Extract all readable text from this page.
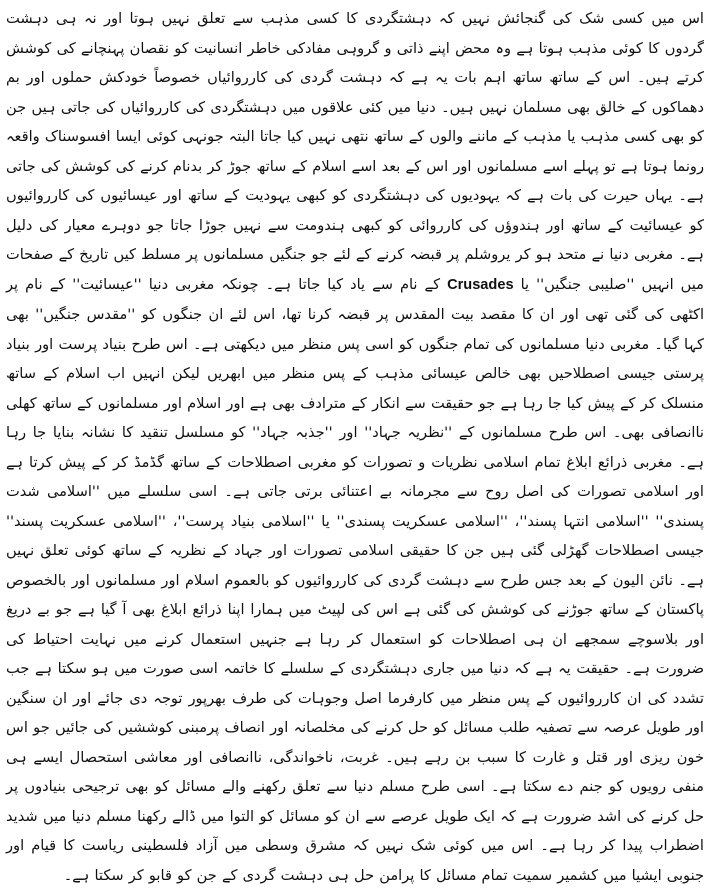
اس میں کسی شک کی گنجائش نہیں کہ دہشتگردی کا کسی مذہب سے تعلق نہیں ہوتا اور نہ ہی دہشت گردوں کا کوئی مذہب ہوتا ہے وہ محض اپنے ذاتی و گروہی مفادکی خاطر انسانیت کو نقصان پہنچانے کی کوشش کرتے ہیں۔ اس کے ساتھ ساتھ اہم بات یہ ہے کہ دہشت گردی کی کارروائیاں خصوصاً خودکش حملوں اور بم دھماکوں کے خالق بھی مسلمان نہیں ہیں۔ دنیا میں کئی علاقوں میں دہشتگردی کی کارروائیاں کی جاتی ہیں جن کو بھی کسی مذہب یا مذہب کے ماننے والوں کے ساتھ نتھی نہیں کیا جاتا البتہ جونہی کوئی ایسا افسوسناک واقعہ رونما ہوتا ہے تو پہلے اسے مسلمانوں اور اس کے بعد اسے اسلام کے ساتھ جوڑ کر بدنام کرنے کی کوشش کی جاتی ہے۔ یہاں حیرت کی بات ہے کہ یہودیوں کی دہشتگردی کو کبھی یہودیت کے ساتھ اور عیسائیوں کی کارروائیوں کو عیسائیت کے ساتھ اور ہندوؤں کی کارروائی کو کبھی ہندومت سے نہیں جوڑا جاتا جو دوہرے معیار کی دلیل ہے۔ مغربی دنیا نے متحد ہو کر یروشلم پر قبضہ کرنے کے لئے جو جنگیں مسلمانوں پر مسلط کیں تاریخ کے صفحات میں انہیں ''صلیبی جنگیں'' یا Crusades کے نام سے یاد کیا جاتا ہے۔ چونکہ مغربی دنیا ''عیسائیت'' کے نام پر اکٹھی کی گئی تھی اور ان کا مقصد بیت المقدس پر قبضہ کرنا تھا، اس لئے ان جنگوں کو ''مقدس جنگیں'' بھی کہا گیا۔ مغربی دنیا مسلمانوں کی تمام جنگوں کو اسی پس منظر میں دیکھتی ہے۔ اس طرح بنیاد پرست اور بنیاد پرستی جیسی اصطلاحیں بھی خالص عیسائی مذہب کے پس منظر میں ابھریں لیکن انہیں اب اسلام کے ساتھ منسلک کر کے پیش کیا جا رہا ہے جو حقیقت سے انکار کے مترادف بھی ہے اور اسلام اور مسلمانوں کے ساتھ کھلی ناانصافی بھی۔ اس طرح مسلمانوں کے ''نظریہ جہاد'' اور ''جذبہ جہاد'' کو مسلسل تنقید کا نشانہ بنایا جا رہا ہے۔ مغربی ذرائع ابلاغ تمام اسلامی نظریات و تصورات کو مغربی اصطلاحات کے ساتھ گڈمڈ کر کے پیش کرتا ہے اور اسلامی تصورات کی اصل روح سے مجرمانہ بے اعتنائی برتی جاتی ہے۔ اسی سلسلے میں ''اسلامی شدت پسندی'' ''اسلامی انتہا پسند''، ''اسلامی عسکریت پسندی'' یا ''اسلامی بنیاد پرست''، ''اسلامی عسکریت پسند'' جیسی اصطلاحات گھڑلی گئی ہیں جن کا حقیقی اسلامی تصورات اور جہاد کے نظریہ کے ساتھ کوئی تعلق نہیں ہے۔ نائن الیون کے بعد جس طرح سے دہشت گردی کی کارروائیوں کو بالعموم اسلام اور مسلمانوں اور بالخصوص پاکستان کے ساتھ جوڑنے کی کوشش کی گئی ہے اس کی لپیٹ میں ہمارا اپنا ذرائع ابلاغ بھی آ گیا ہے جو بے دریغ اور بلاسوچے سمجھے ان ہی اصطلاحات کو استعمال کر رہا ہے جنہیں استعمال کرنے میں نہایت احتیاط کی ضرورت ہے۔ حقیقت یہ ہے کہ دنیا میں جاری دہشتگردی کے سلسلے کا خاتمہ اسی صورت میں ہو سکتا ہے جب تشدد کی ان کارروائیوں کے پس منظر میں کارفرما اصل وجوہات کی طرف بھرپور توجہ دی جائے اور ان سنگین اور طویل عرصہ سے تصفیہ طلب مسائل کو حل کرنے کی مخلصانہ اور انصاف پرمبنی کوششیں کی جائیں جو اس خون ریزی اور قتل و غارت کا سبب بن رہے ہیں۔ غربت، ناخواندگی، ناانصافی اور معاشی استحصال ایسے ہی منفی رویوں کو جنم دے سکتا ہے۔ اسی طرح مسلم دنیا سے تعلق رکھنے والے مسائل کو بھی ترجیحی بنیادوں پر حل کرنے کی اشد ضرورت ہے کہ ایک طویل عرصے سے ان کو مسائل کو التوا میں ڈالے رکھنا مسلم دنیا میں شدید اضطراب پیدا کر رہا ہے۔ اس میں کوئی شک نہیں کہ مشرق وسطی میں آزاد فلسطینی ریاست کا قیام اور جنوبی ایشیا میں کشمیر سمیت تمام مسائل کا پرامن حل ہی دہشت گردی کے جن کو قابو کر سکتا ہے۔
